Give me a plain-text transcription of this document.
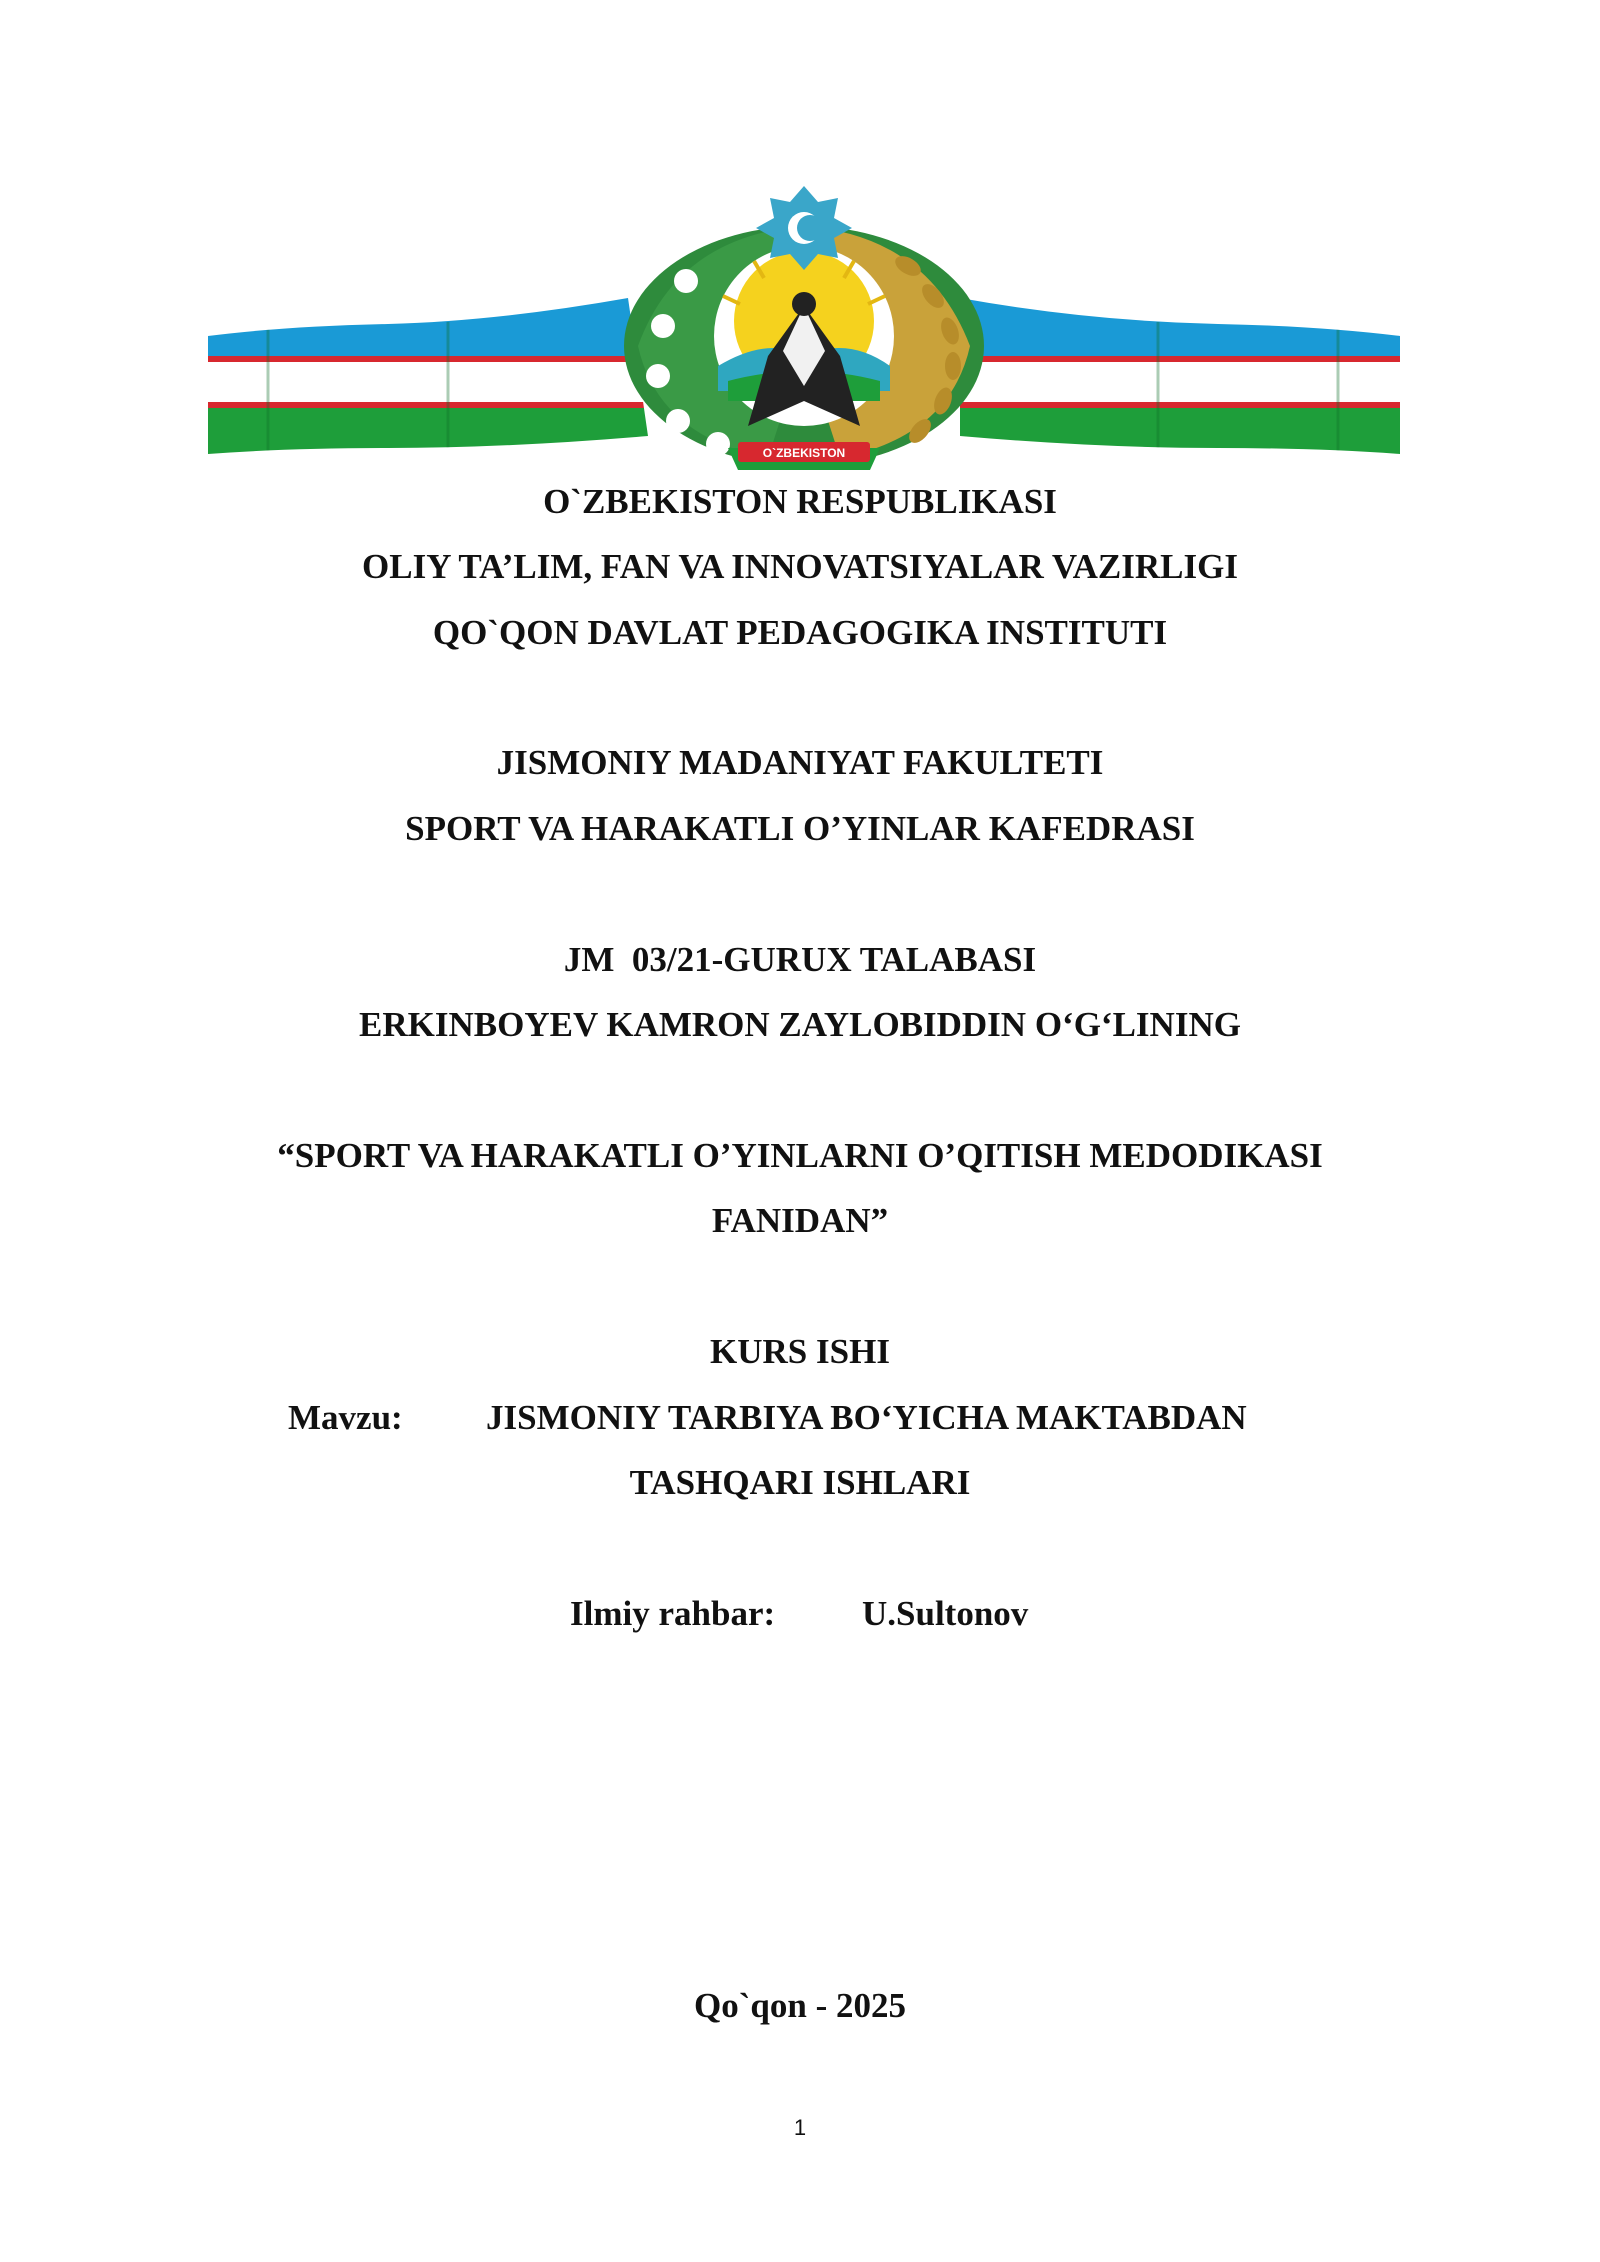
O`ZBEKISTON
O`ZBEKISTON RESPUBLIKASI
OLIY TA’LIM, FAN VA INNOVATSIYALAR VAZIRLIGI
QO`QON DAVLAT PEDAGOGIKA INSTITUTI
JISMONIY MADANIYAT FAKULTETI
SPORT VA HARAKATLI O’YINLAR KAFEDRASI
JM  03/21-GURUX TALABASI
ERKINBOYEV KAMRON ZAYLOBIDDIN O‘G‘LINING
“SPORT VA HARAKATLI O’YINLARNI O’QITISH MEDODIKASI
FANIDAN”
KURS ISHI
Mavzu: JISMONIY TARBIYA BO‘YICHA MAKTABDAN
TASHQARI ISHLARI
Ilmiy rahbar: U.Sultonov
Qo`qon - 2025
1
